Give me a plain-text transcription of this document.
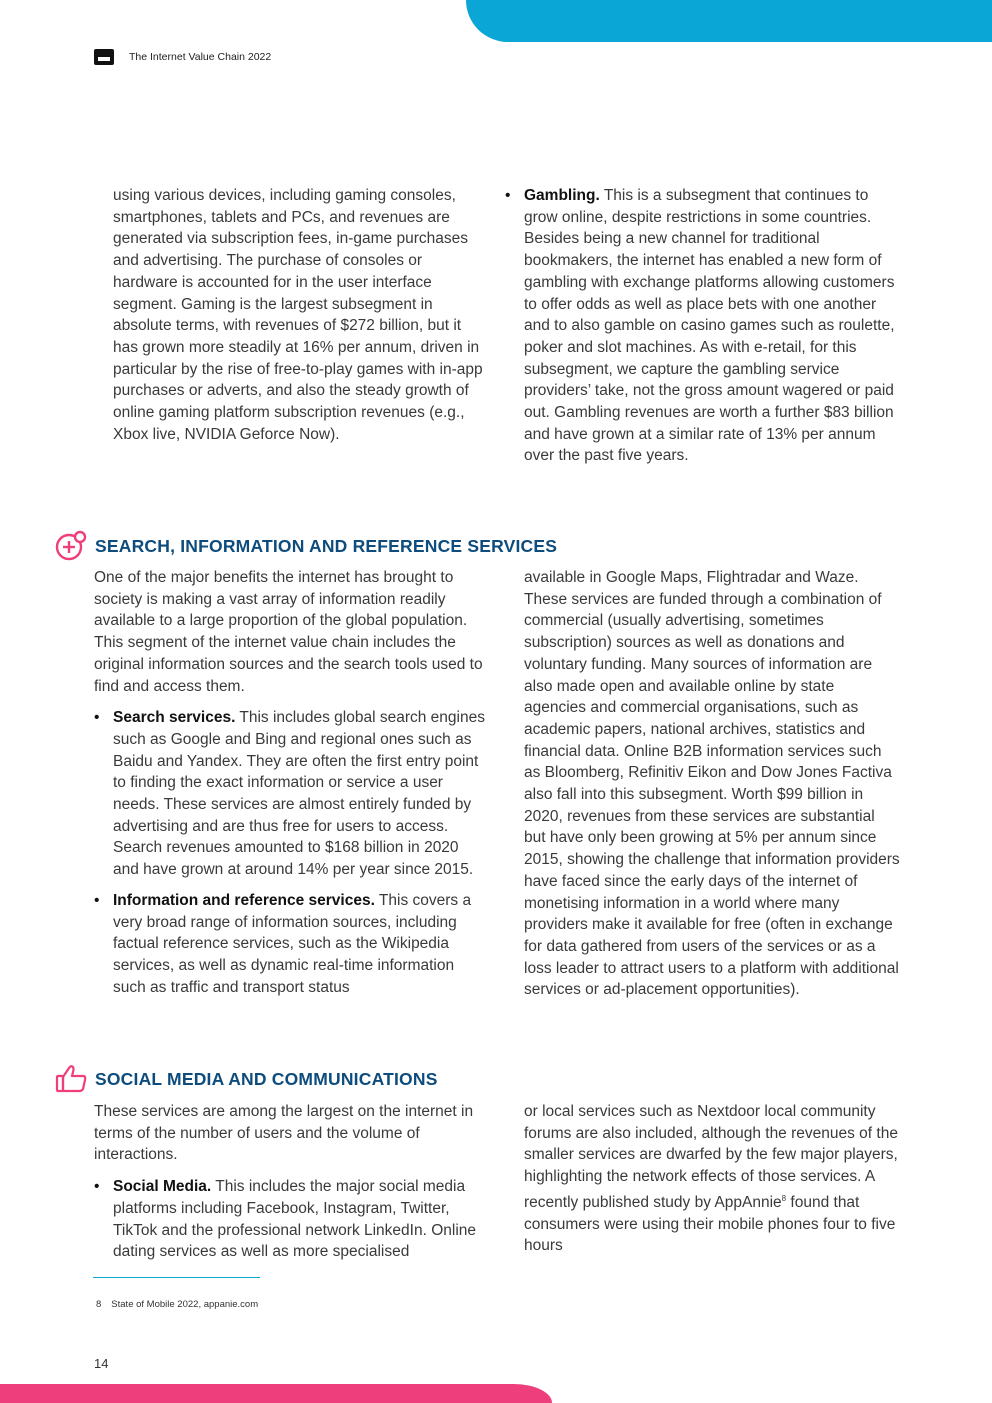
The Internet Value Chain 2022

using various devices, including gaming consoles, smartphones, tablets and PCs, and revenues are generated via subscription fees, in-game purchases and advertising. The purchase of consoles or hardware is accounted for in the user interface segment. Gaming is the largest subsegment in absolute terms, with revenues of $272 billion, but it has grown more steadily at 16% per annum, driven in particular by the rise of free-to-play games with in-app purchases or adverts, and also the steady growth of online gaming platform subscription revenues (e.g., Xbox live, NVIDIA Geforce Now).

• Gambling. This is a subsegment that continues to grow online, despite restrictions in some countries. Besides being a new channel for traditional bookmakers, the internet has enabled a new form of gambling with exchange platforms allowing customers to offer odds as well as place bets with one another and to also gamble on casino games such as roulette, poker and slot machines. As with e-retail, for this subsegment, we capture the gambling service providers’ take, not the gross amount wagered or paid out. Gambling revenues are worth a further $83 billion and have grown at a similar rate of 13% per annum over the past five years.

SEARCH, INFORMATION AND REFERENCE SERVICES

One of the major benefits the internet has brought to society is making a vast array of information readily available to a large proportion of the global population. This segment of the internet value chain includes the original information sources and the search tools used to find and access them.

• Search services. This includes global search engines such as Google and Bing and regional ones such as Baidu and Yandex. They are often the first entry point to finding the exact information or service a user needs. These services are almost entirely funded by advertising and are thus free for users to access. Search revenues amounted to $168 billion in 2020 and have grown at around 14% per year since 2015.

• Information and reference services. This covers a very broad range of information sources, including factual reference services, such as the Wikipedia services, as well as dynamic real-time information such as traffic and transport status

available in Google Maps, Flightradar and Waze. These services are funded through a combination of commercial (usually advertising, sometimes subscription) sources as well as donations and voluntary funding. Many sources of information are also made open and available online by state agencies and commercial organisations, such as academic papers, national archives, statistics and financial data. Online B2B information services such as Bloomberg, Refinitiv Eikon and Dow Jones Factiva also fall into this subsegment. Worth $99 billion in 2020, revenues from these services are substantial but have only been growing at 5% per annum since 2015, showing the challenge that information providers have faced since the early days of the internet of monetising information in a world where many providers make it available for free (often in exchange for data gathered from users of the services or as a loss leader to attract users to a platform with additional services or ad-placement opportunities).

SOCIAL MEDIA AND COMMUNICATIONS

These services are among the largest on the internet in terms of the number of users and the volume of interactions.

• Social Media. This includes the major social media platforms including Facebook, Instagram, Twitter, TikTok and the professional network LinkedIn. Online dating services as well as more specialised

or local services such as Nextdoor local community forums are also included, although the revenues of the smaller services are dwarfed by the few major players, highlighting the network effects of those services. A recently published study by AppAnnie$^8$ found that consumers were using their mobile phones four to five hours

8 State of Mobile 2022, appanie.com
14
